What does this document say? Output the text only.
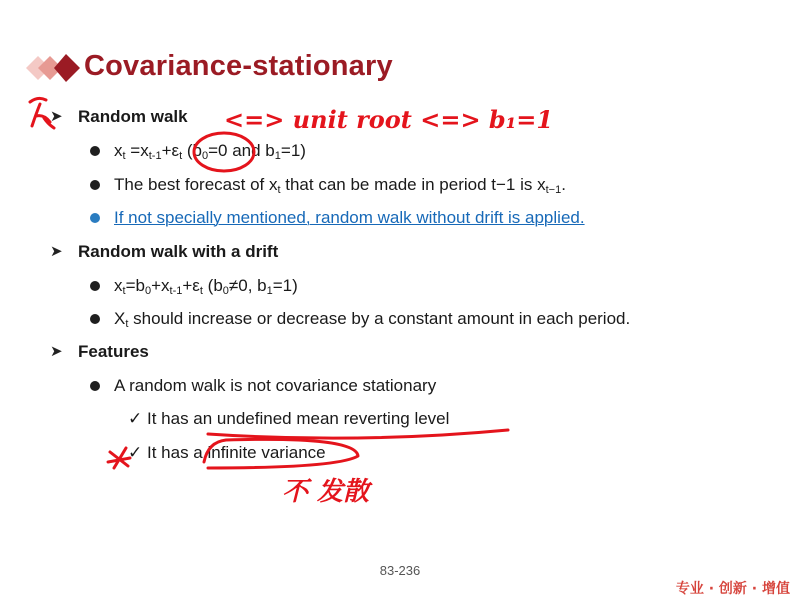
Covariance-stationary
➤ Random walk
$x_t =x_{t-1}+\varepsilon_t$ ($b_0=0$ and $b_1=1$)
The best forecast of $x_t$ that can be made in period t−1 is $x_{t-1}$.
If not specially mentioned, random walk without drift is applied.
➤ Random walk with a drift
$x_t=b_0+x_{t-1}+\varepsilon_t$ ($b_0\ne 0$, $b_1=1$)
$X_t$ should increase or decrease by a constant amount in each period.
➤ Features
A random walk is not covariance stationary
✓ It has an undefined mean reverting level
✓ It has a infinite variance
83-236
专业 · 创新 · 增值
<=> unit root <=> b₁=1
不 发散
